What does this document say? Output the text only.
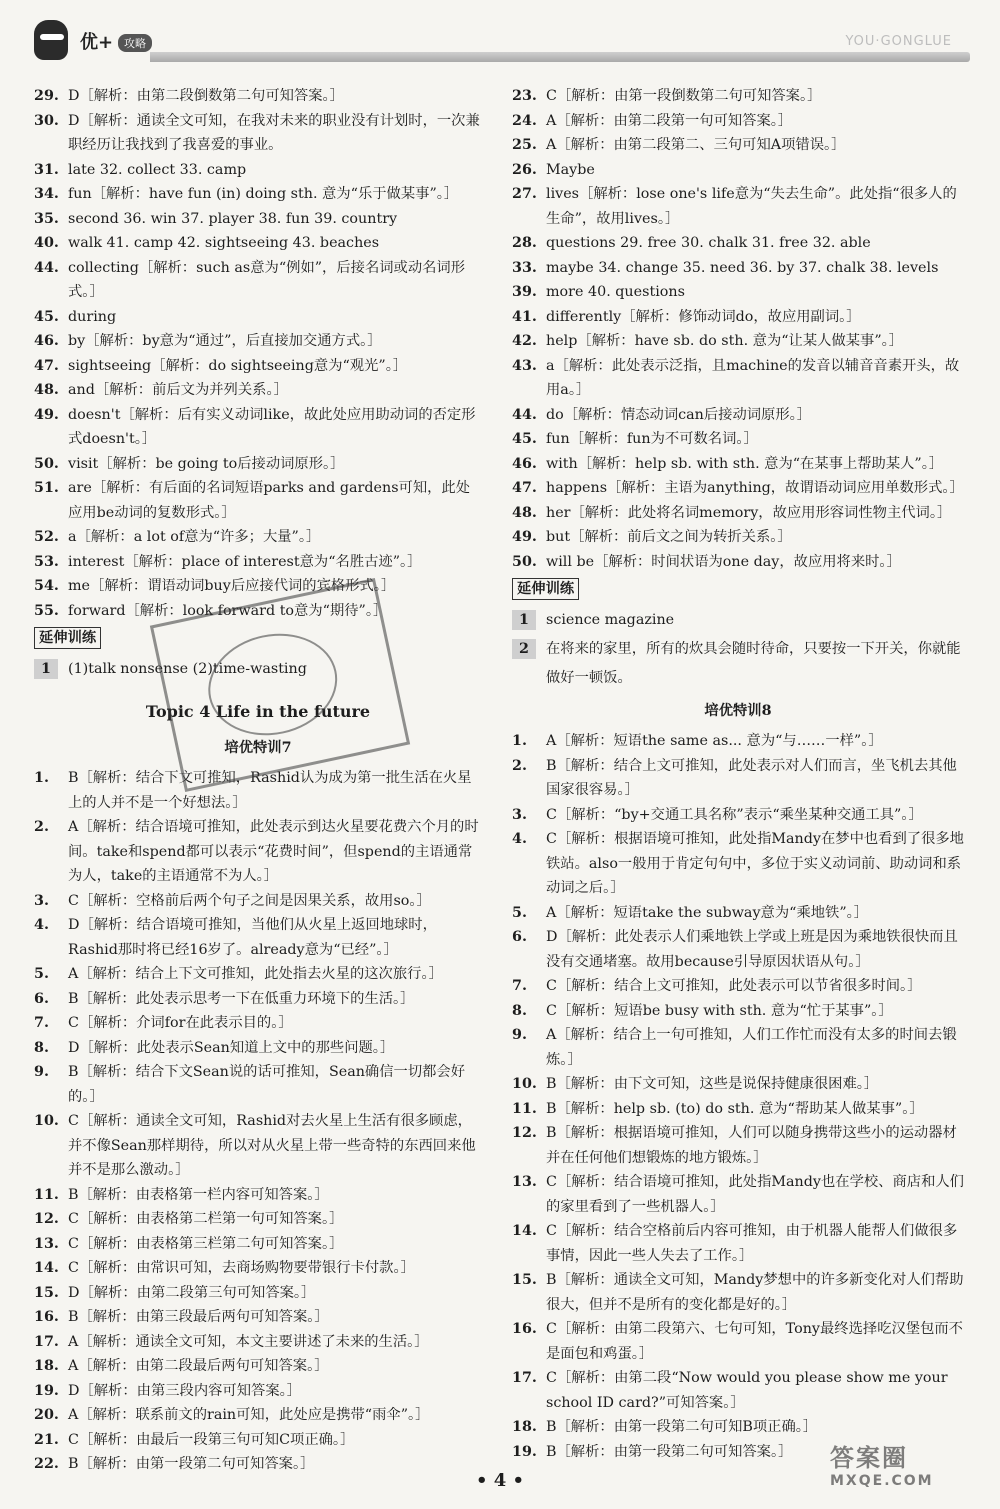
优+ 攻略	YOU·GONGLUE
29. D［解析：由第二段倒数第二句可知答案。］
30. D［解析：通读全文可知，在我对未来的职业没有计划时，一次兼职经历让我找到了我喜爱的事业。
31. late 32. collect 33. camp
34. fun［解析：have fun (in) doing sth. 意为“乐于做某事”。］
35. second 36. win 37. player 38. fun 39. country
40. walk 41. camp 42. sightseeing 43. beaches
44. collecting［解析：such as意为“例如”，后接名词或动名词形式。］
45. during
46. by［解析：by意为“通过”，后直接加交通方式。］
47. sightseeing［解析：do sightseeing意为“观光”。］
48. and［解析：前后文为并列关系。］
49. doesn't［解析：后有实义动词like，故此处应用助动词的否定形式doesn't。］
50. visit［解析：be going to后接动词原形。］
51. are［解析：有后面的名词短语parks and gardens可知，此处应用be动词的复数形式。］
52. a［解析：a lot of意为“许多；大量”。］
53. interest［解析：place of interest意为“名胜古迹”。］
54. me［解析：谓语动词buy后应接代词的宾格形式。］
55. forward［解析：look forward to意为“期待”。］
延伸训练
1	(1)talk nonsense (2)time-wasting
Topic 4 Life in the future
培优特训7
1.	B［解析：结合下文可推知，Rashid认为成为第一批生活在火星上的人并不是一个好想法。］
2.	A［解析：结合语境可推知，此处表示到达火星要花费六个月的时间。take和spend都可以表示“花费时间”，但spend的主语通常为人，take的主语通常不为人。］
3.	C［解析：空格前后两个句子之间是因果关系，故用so。］
4.	D［解析：结合语境可推知，当他们从火星上返回地球时，Rashid那时将已经16岁了。already意为“已经”。］
5.	A［解析：结合上下文可推知，此处指去火星的这次旅行。］
6.	B［解析：此处表示思考一下在低重力环境下的生活。］
7.	C［解析：介词for在此表示目的。］
8.	D［解析：此处表示Sean知道上文中的那些问题。］
9.	B［解析：结合下文Sean说的话可推知，Sean确信一切都会好的。］
10. C［解析：通读全文可知，Rashid对去火星上生活有很多顾虑，并不像Sean那样期待，所以对从火星上带一些奇特的东西回来他并不是那么激动。］
11. B［解析：由表格第一栏内容可知答案。］
12. C［解析：由表格第二栏第一句可知答案。］
13. C［解析：由表格第三栏第二句可知答案。］
14. C［解析：由常识可知，去商场购物要带银行卡付款。］
15. D［解析：由第二段第三句可知答案。］
16. B［解析：由第三段最后两句可知答案。］
17. A［解析：通读全文可知，本文主要讲述了未来的生活。］
18. A［解析：由第二段最后两句可知答案。］
19. D［解析：由第三段内容可知答案。］
20. A［解析：联系前文的rain可知，此处应是携带“雨伞”。］
21. C［解析：由最后一段第三句可知C项正确。］
22. B［解析：由第一段第二句可知答案。］
23. C［解析：由第一段倒数第二句可知答案。］
24. A［解析：由第二段第一句可知答案。］
25. A［解析：由第二段第二、三句可知A项错误。］
26. Maybe
27. lives［解析：lose one's life意为“失去生命”。此处指“很多人的生命”，故用lives。］
28. questions 29. free 30. chalk 31. free 32. able
33. maybe 34. change 35. need 36. by 37. chalk 38. levels
39. more 40. questions
41. differently［解析：修饰动词do，故应用副词。］
42. help［解析：have sb. do sth. 意为“让某人做某事”。］
43. a［解析：此处表示泛指，且machine的发音以辅音音素开头，故用a。］
44. do［解析：情态动词can后接动词原形。］
45. fun［解析：fun为不可数名词。］
46. with［解析：help sb. with sth. 意为“在某事上帮助某人”。］
47. happens［解析：主语为anything，故谓语动词应用单数形式。］
48. her［解析：此处将名词memory，故应用形容词性物主代词。］
49. but［解析：前后文之间为转折关系。］
50. will be［解析：时间状语为one day，故应用将来时。］
延伸训练
1	science magazine
2	在将来的家里，所有的炊具会随时待命，只要按一下开关，你就能做好一顿饭。
培优特训8
1.	A［解析：短语the same as... 意为“与……一样”。］
2.	B［解析：结合上文可推知，此处表示对人们而言，坐飞机去其他国家很容易。］
3.	C［解析：“by+交通工具名称”表示“乘坐某种交通工具”。］
4.	C［解析：根据语境可推知，此处指Mandy在梦中也看到了很多地铁站。also一般用于肯定句句中，多位于实义动词前、助动词和系动词之后。］
5.	A［解析：短语take the subway意为“乘地铁”。］
6.	D［解析：此处表示人们乘地铁上学或上班是因为乘地铁很快而且没有交通堵塞。故用because引导原因状语从句。］
7.	C［解析：结合上文可推知，此处表示可以节省很多时间。］
8.	C［解析：短语be busy with sth. 意为“忙于某事”。］
9.	A［解析：结合上一句可推知，人们工作忙而没有太多的时间去锻炼。］
10. B［解析：由下文可知，这些是说保持健康很困难。］
11. B［解析：help sb. (to) do sth. 意为“帮助某人做某事”。］
12. B［解析：根据语境可推知，人们可以随身携带这些小的运动器材并在任何他们想锻炼的地方锻炼。］
13. C［解析：结合语境可推知，此处指Mandy也在学校、商店和人们的家里看到了一些机器人。］
14. C［解析：结合空格前后内容可推知，由于机器人能帮人们做很多事情，因此一些人失去了工作。］
15. B［解析：通读全文可知，Mandy梦想中的许多新变化对人们帮助很大，但并不是所有的变化都是好的。］
16. C［解析：由第二段第六、七句可知，Tony最终选择吃汉堡包而不是面包和鸡蛋。］
17. C［解析：由第二段“Now would you please show me your school ID card?”可知答案。］
18. B［解析：由第一段第二句可知B项正确。］
19. B［解析：由第一段第二句可知答案。］
• 4 •
答案圈
MXQE.COM
